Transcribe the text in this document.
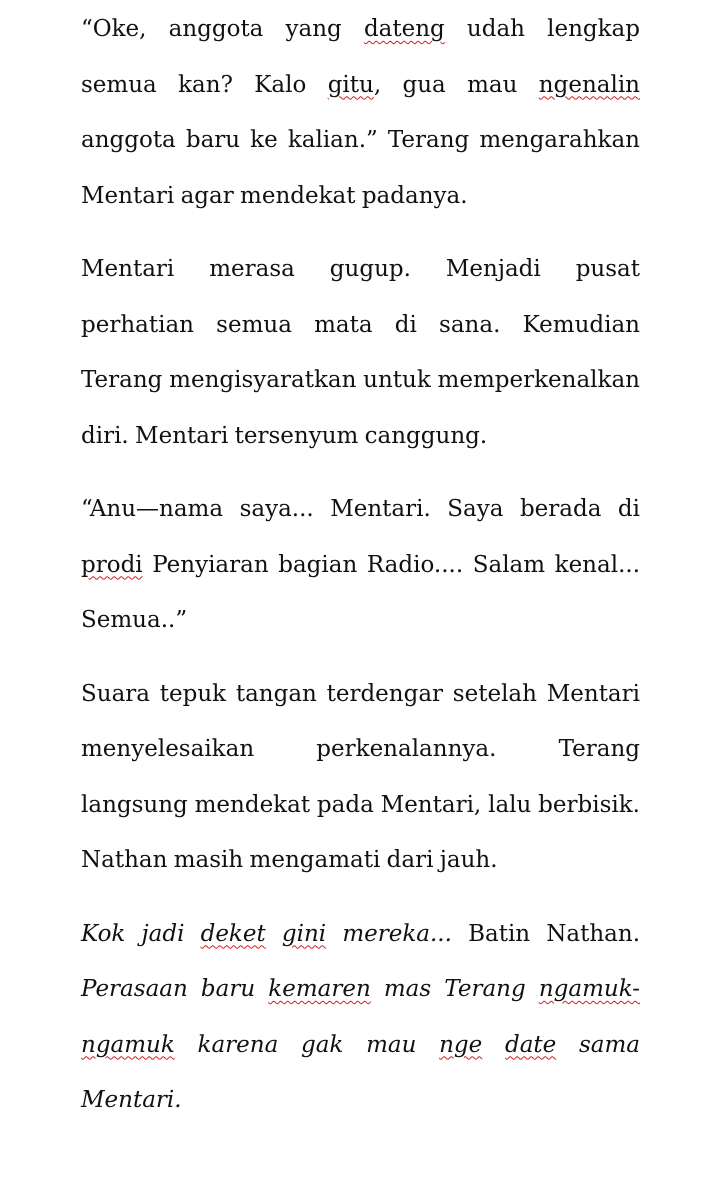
“Oke, anggota yang dateng udah lengkap semua kan? Kalo gitu, gua mau ngenalin anggota baru ke kalian.” Terang mengarahkan Mentari agar mendekat padanya.

Mentari merasa gugup. Menjadi pusat perhatian semua mata di sana. Kemudian Terang mengisyaratkan untuk memperkenalkan diri. Mentari tersenyum canggung.

“Anu—nama saya... Mentari. Saya berada di prodi Penyiaran bagian Radio.... Salam kenal... Semua..”

Suara tepuk tangan terdengar setelah Mentari menyelesaikan perkenalannya. Terang langsung mendekat pada Mentari, lalu berbisik. Nathan masih mengamati dari jauh.

Kok jadi deket gini mereka... Batin Nathan. Perasaan baru kemaren mas Terang ngamuk-ngamuk karena gak mau nge date sama Mentari.
